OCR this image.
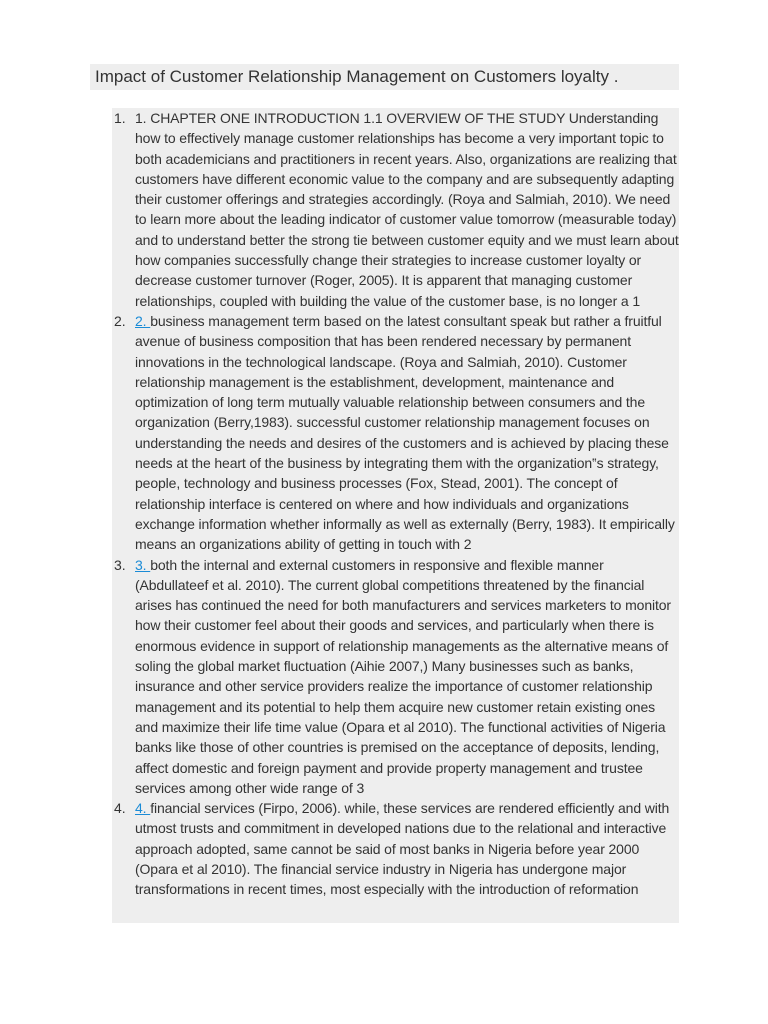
Impact of Customer Relationship Management on Customers loyalty .
1. 1. CHAPTER ONE INTRODUCTION 1.1 OVERVIEW OF THE STUDY Understanding how to effectively manage customer relationships has become a very important topic to both academicians and practitioners in recent years. Also, organizations are realizing that customers have different economic value to the company and are subsequently adapting their customer offerings and strategies accordingly. (Roya and Salmiah, 2010). We need to learn more about the leading indicator of customer value tomorrow (measurable today) and to understand better the strong tie between customer equity and we must learn about how companies successfully change their strategies to increase customer loyalty or decrease customer turnover (Roger, 2005). It is apparent that managing customer relationships, coupled with building the value of the customer base, is no longer a 1
2. 2. business management term based on the latest consultant speak but rather a fruitful avenue of business composition that has been rendered necessary by permanent innovations in the technological landscape. (Roya and Salmiah, 2010). Customer relationship management is the establishment, development, maintenance and optimization of long term mutually valuable relationship between consumers and the organization (Berry,1983). successful customer relationship management focuses on understanding the needs and desires of the customers and is achieved by placing these needs at the heart of the business by integrating them with the organization‟s strategy, people, technology and business processes (Fox, Stead, 2001). The concept of relationship interface is centered on where and how individuals and organizations exchange information whether informally as well as externally (Berry, 1983). It empirically means an organizations ability of getting in touch with 2
3. 3. both the internal and external customers in responsive and flexible manner (Abdullateef et al. 2010). The current global competitions threatened by the financial arises has continued the need for both manufacturers and services marketers to monitor how their customer feel about their goods and services, and particularly when there is enormous evidence in support of relationship managements as the alternative means of soling the global market fluctuation (Aihie 2007,) Many businesses such as banks, insurance and other service providers realize the importance of customer relationship management and its potential to help them acquire new customer retain existing ones and maximize their life time value (Opara et al 2010). The functional activities of Nigeria banks like those of other countries is premised on the acceptance of deposits, lending, affect domestic and foreign payment and provide property management and trustee services among other wide range of 3
4. 4. financial services (Firpo, 2006). while, these services are rendered efficiently and with utmost trusts and commitment in developed nations due to the relational and interactive approach adopted, same cannot be said of most banks in Nigeria before year 2000 (Opara et al 2010). The financial service industry in Nigeria has undergone major transformations in recent times, most especially with the introduction of reformation
